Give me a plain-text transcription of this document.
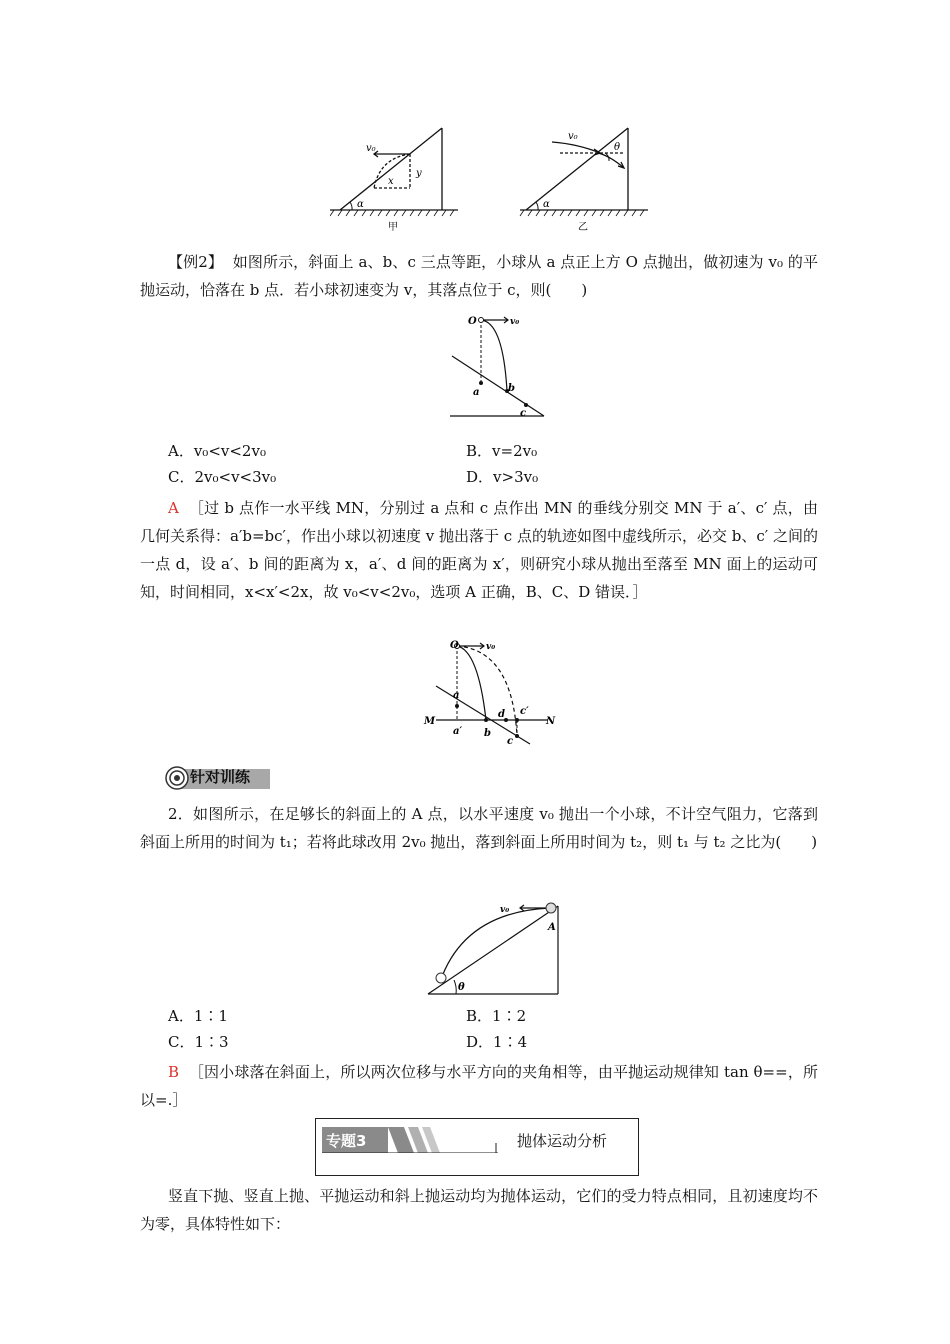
v₀
x
y
α
甲
v₀
θ
α
乙
【例2】 如图所示，斜面上 a、b、c 三点等距，小球从 a 点正上方 O 点抛出，做初速为 v₀ 的平抛运动，恰落在 b 点．若小球初速变为 v，其落点位于 c，则(　　)
O	v₀
a	b
c
A．v₀<v<2v₀	B．v=2v₀
C．2v₀<v<3v₀	D．v>3v₀
A ［过 b 点作一水平线 MN，分别过 a 点和 c 点作出 MN 的垂线分别交 MN 于 a′、c′ 点，由几何关系得：a′b=bc′，作出小球以初速度 v 抛出落于 c 点的轨迹如图中虚线所示，必交 b、c′ 之间的一点 d，设 a′、b 间的距离为 x，a′、d 间的距离为 x′，则研究小球从抛出至落至 MN 面上的运动可知，时间相同，x<x′<2x，故 v₀<v<2v₀，选项 A 正确，B、C、D 错误．］
O	v₀
a
M	N
a′ b
d
c
c′
针对训练
2．如图所示，在足够长的斜面上的 A 点，以水平速度 v₀ 抛出一个小球，不计空气阻力，它落到斜面上所用的时间为 t₁；若将此球改用 2v₀ 抛出，落到斜面上所用时间为 t₂，则 t₁ 与 t₂ 之比为(　　)
v₀
A
θ
A．1∶1	B．1∶2
C．1∶3	D．1∶4
B ［因小球落在斜面上，所以两次位移与水平方向的夹角相等，由平抛运动规律知 tan θ==，所以=.］
专题3	抛体运动分析
竖直下抛、竖直上抛、平抛运动和斜上抛运动均为抛体运动，它们的受力特点相同，且初速度均不为零，具体特性如下：
